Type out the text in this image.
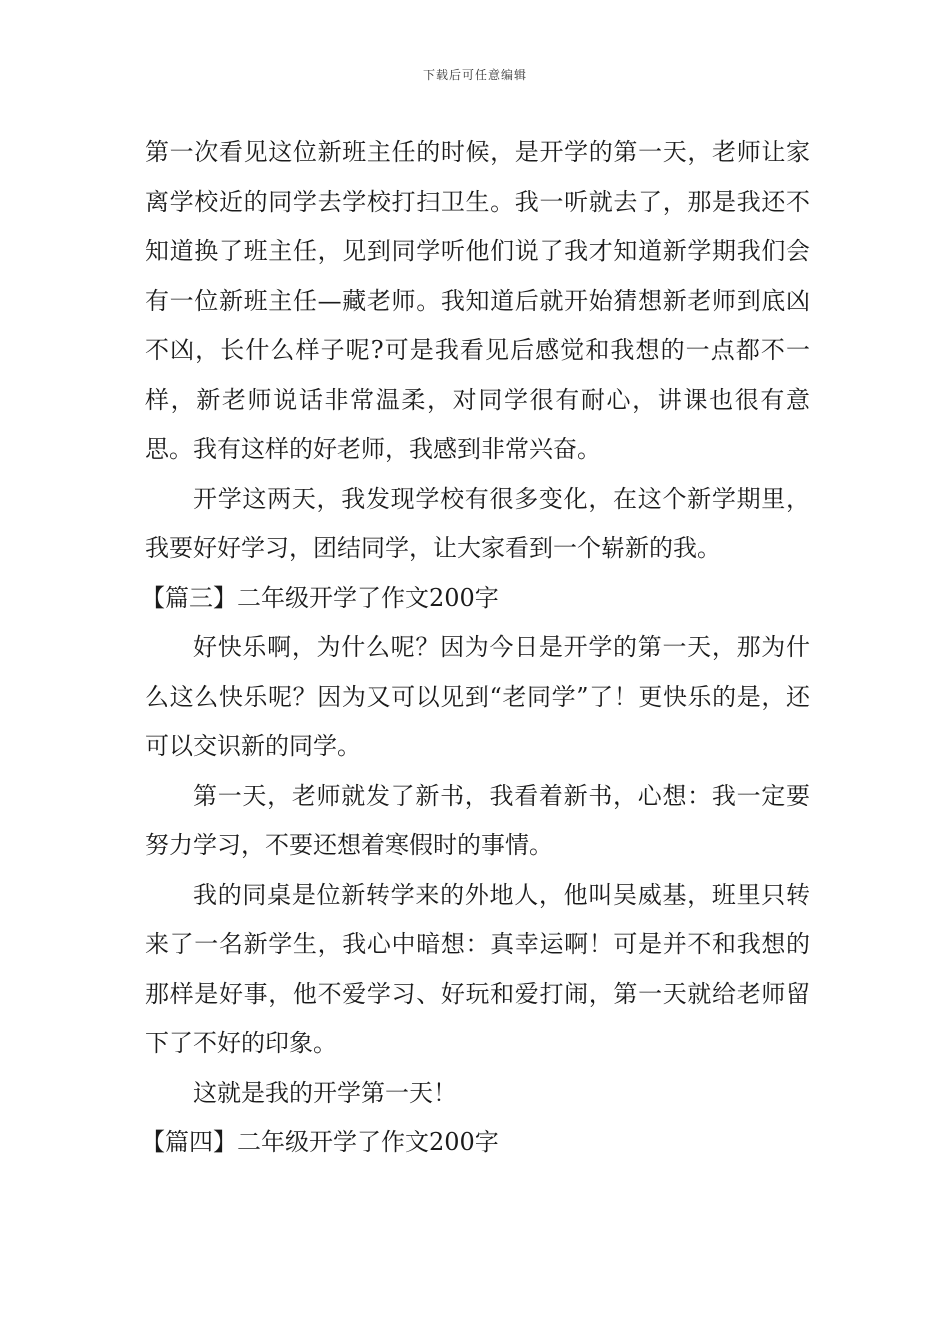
下载后可任意编辑

第一次看见这位新班主任的时候，是开学的第一天，老师让家离学校近的同学去学校打扫卫生。我一听就去了，那是我还不知道换了班主任，见到同学听他们说了我才知道新学期我们会有一位新班主任—藏老师。我知道后就开始猜想新老师到底凶不凶，长什么样子呢?可是我看见后感觉和我想的一点都不一样，新老师说话非常温柔，对同学很有耐心，讲课也很有意思。我有这样的好老师，我感到非常兴奋。

开学这两天，我发现学校有很多变化，在这个新学期里，我要好好学习，团结同学，让大家看到一个崭新的我。

【篇三】二年级开学了作文200字

好快乐啊，为什么呢？因为今日是开学的第一天，那为什么这么快乐呢？因为又可以见到“老同学”了！更快乐的是，还可以交识新的同学。

第一天，老师就发了新书，我看着新书，心想：我一定要努力学习，不要还想着寒假时的事情。

我的同桌是位新转学来的外地人，他叫吴威基，班里只转来了一名新学生，我心中暗想：真幸运啊！可是并不和我想的那样是好事，他不爱学习、好玩和爱打闹，第一天就给老师留下了不好的印象。

这就是我的开学第一天！

【篇四】二年级开学了作文200字
